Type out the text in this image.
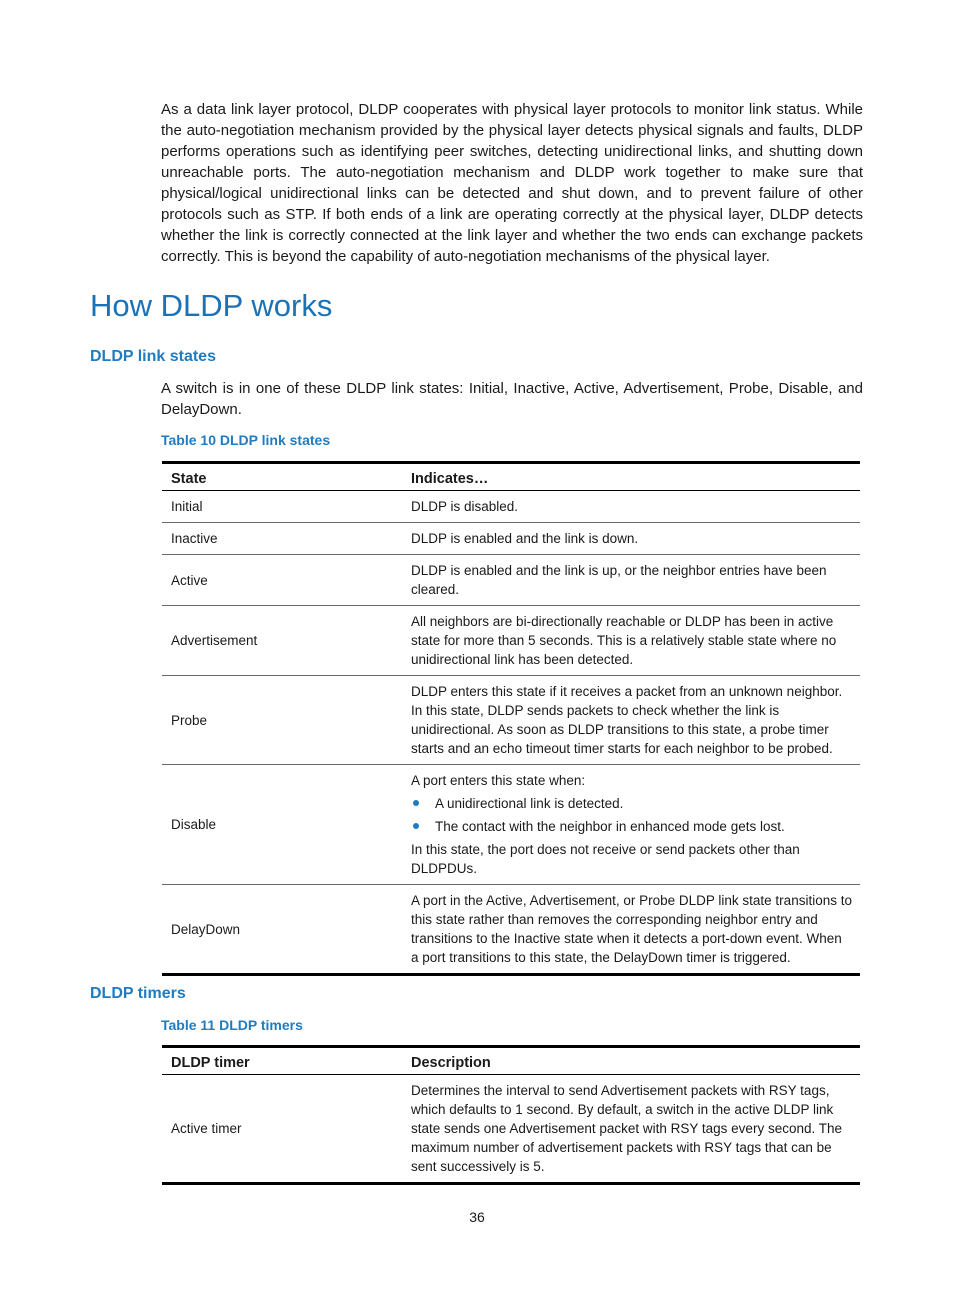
As a data link layer protocol, DLDP cooperates with physical layer protocols to monitor link status. While the auto-negotiation mechanism provided by the physical layer detects physical signals and faults, DLDP performs operations such as identifying peer switches, detecting unidirectional links, and shutting down unreachable ports. The auto-negotiation mechanism and DLDP work together to make sure that physical/logical unidirectional links can be detected and shut down, and to prevent failure of other protocols such as STP. If both ends of a link are operating correctly at the physical layer, DLDP detects whether the link is correctly connected at the link layer and whether the two ends can exchange packets correctly. This is beyond the capability of auto-negotiation mechanisms of the physical layer.

How DLDP works
DLDP link states

A switch is in one of these DLDP link states: Initial, Inactive, Active, Advertisement, Probe, Disable, and DelayDown.

Table 10 DLDP link states

State	Indicates…
Initial	DLDP is disabled.
Inactive	DLDP is enabled and the link is down.
Active	DLDP is enabled and the link is up, or the neighbor entries have been cleared.
Advertisement	All neighbors are bi-directionally reachable or DLDP has been in active state for more than 5 seconds. This is a relatively stable state where no unidirectional link has been detected.
Probe	DLDP enters this state if it receives a packet from an unknown neighbor. In this state, DLDP sends packets to check whether the link is unidirectional. As soon as DLDP transitions to this state, a probe timer starts and an echo timeout timer starts for each neighbor to be probed.
Disable	A port enters this state when:

A unidirectional link is detected.
The contact with the neighbor in enhanced mode gets lost.

In this state, the port does not receive or send packets other than DLDPDUs.

DelayDown	A port in the Active, Advertisement, or Probe DLDP link state transitions to this state rather than removes the corresponding neighbor entry and transitions to the Inactive state when it detects a port-down event. When a port transitions to this state, the DelayDown timer is triggered.
DLDP timers

Table 11 DLDP timers

DLDP timer	Description
Active timer	Determines the interval to send Advertisement packets with RSY tags, which defaults to 1 second. By default, a switch in the active DLDP link state sends one Advertisement packet with RSY tags every second. The maximum number of advertisement packets with RSY tags that can be sent successively is 5.
36
